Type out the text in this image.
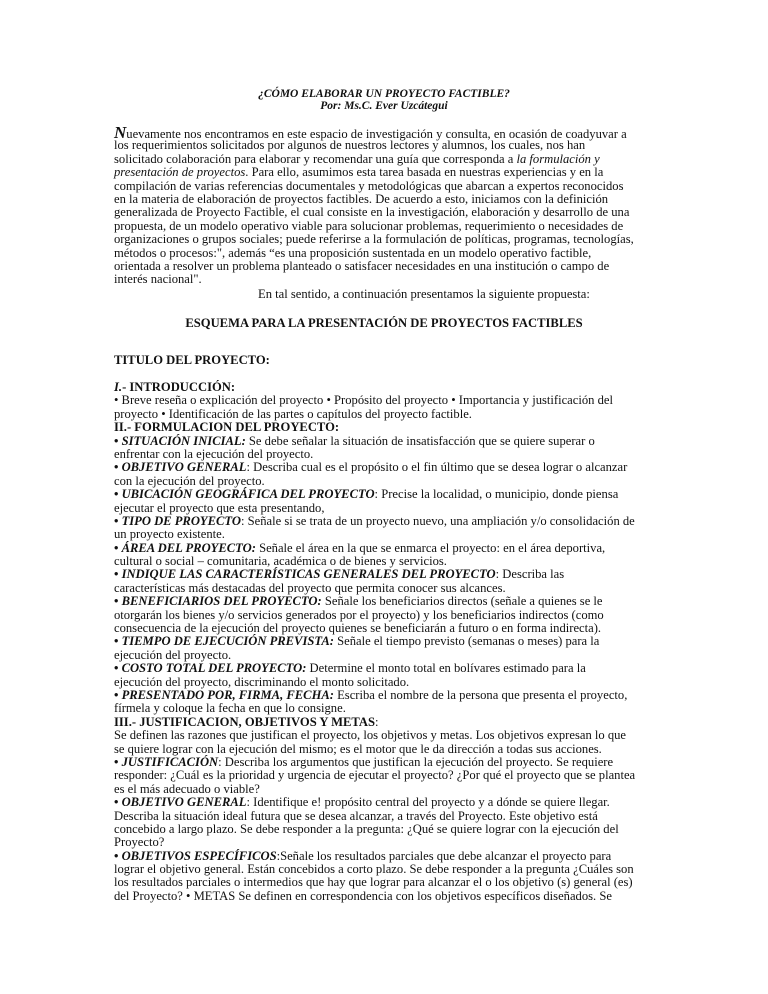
¿CÓMO ELABORAR UN PROYECTO FACTIBLE?
Por: Ms.C. Ever Uzcátegui
Nuevamente nos encontramos en este espacio de investigación y consulta, en ocasión de coadyuvar a
los requerimientos solicitados por algunos de nuestros lectores y alumnos, los cuales, nos han
solicitado colaboración para elaborar y recomendar una guía que corresponda a la formulación y
presentación de proyectos. Para ello, asumimos esta tarea basada en nuestras experiencias y en la
compilación de varias referencias documentales y metodológicas que abarcan a expertos reconocidos
en la materia de elaboración de proyectos factibles. De acuerdo a esto, iniciamos con la definición
generalizada de Proyecto Factible, el cual consiste en la investigación, elaboración y desarrollo de una
propuesta, de un modelo operativo viable para solucionar problemas, requerimiento o necesidades de
organizaciones o grupos sociales; puede referirse a la formulación de políticas, programas, tecnologías,
métodos o procesos:", además “es una proposición sustentada en un modelo operativo factible,
orientada a resolver un problema planteado o satisfacer necesidades en una institución o campo de
interés nacional".
En tal sentido, a continuación presentamos la siguiente propuesta:
ESQUEMA PARA LA PRESENTACIÓN DE PROYECTOS FACTIBLES
TITULO DEL PROYECTO:
I.- INTRODUCCIÓN:
• Breve reseña o explicación del proyecto • Propósito del proyecto • Importancia y justificación del
proyecto • Identificación de las partes o capítulos del proyecto factible.
II.- FORMULACION DEL PROYECTO:
• SITUACIÓN INICIAL: Se debe señalar la situación de insatisfacción que se quiere superar o
enfrentar con la ejecución del proyecto.
• OBJETIVO GENERAL: Describa cual es el propósito o el fin último que se desea lograr o alcanzar
con la ejecución del proyecto.
• UBICACIÓN GEOGRÁFICA DEL PROYECTO: Precise la localidad, o municipio, donde piensa
ejecutar el proyecto que esta presentando,
• TIPO DE PROYECTO: Señale si se trata de un proyecto nuevo, una ampliación y/o consolidación de
un proyecto existente.
• ÁREA DEL PROYECTO: Señale el área en la que se enmarca el proyecto: en el área deportiva,
cultural o social – comunitaria, académica o de bienes y servicios.
• INDIQUE LAS CARACTERÍSTICAS GENERALES DEL PROYECTO: Describa las
características más destacadas del proyecto que permita conocer sus alcances.
• BENEFICIARIOS DEL PROYECTO: Señale los beneficiarios directos (señale a quienes se le
otorgarán los bienes y/o servicios generados por el proyecto) y los beneficiarios indirectos (como
consecuencia de la ejecución del proyecto quienes se beneficiarán a futuro o en forma indirecta).
• TIEMPO DE EJECUCIÓN PREVISTA: Señale el tiempo previsto (semanas o meses) para la
ejecución del proyecto.
• COSTO TOTAL DEL PROYECTO: Determine el monto total en bolívares estimado para la
ejecución del proyecto, discriminando el monto solicitado.
• PRESENTADO POR, FIRMA, FECHA: Escriba el nombre de la persona que presenta el proyecto,
fírmela y coloque la fecha en que lo consigne.
III.- JUSTIFICACION, OBJETIVOS Y METAS:
Se definen las razones que justifican el proyecto, los objetivos y metas. Los objetivos expresan lo que
se quiere lograr con la ejecución del mismo; es el motor que le da dirección a todas sus acciones.
• JUSTIFICACIÓN: Describa los argumentos que justifican la ejecución del proyecto. Se requiere
responder: ¿Cuál es la prioridad y urgencia de ejecutar el proyecto? ¿Por qué el proyecto que se plantea
es el más adecuado o viable?
• OBJETIVO GENERAL: Identifique e! propósito central del proyecto y a dónde se quiere llegar.
Describa la situación ideal futura que se desea alcanzar, a través del Proyecto. Este objetivo está
concebido a largo plazo. Se debe responder a la pregunta: ¿Qué se quiere lograr con la ejecución del
Proyecto?
• OBJETIVOS ESPECÍFICOS:Señale los resultados parciales que debe alcanzar el proyecto para
lograr el objetivo general. Están concebidos a corto plazo. Se debe responder a la pregunta ¿Cuáles son
los resultados parciales o intermedios que hay que lograr para alcanzar el o los objetivo (s) general (es)
del Proyecto? • METAS Se definen en correspondencia con los objetivos específicos diseñados. Se
